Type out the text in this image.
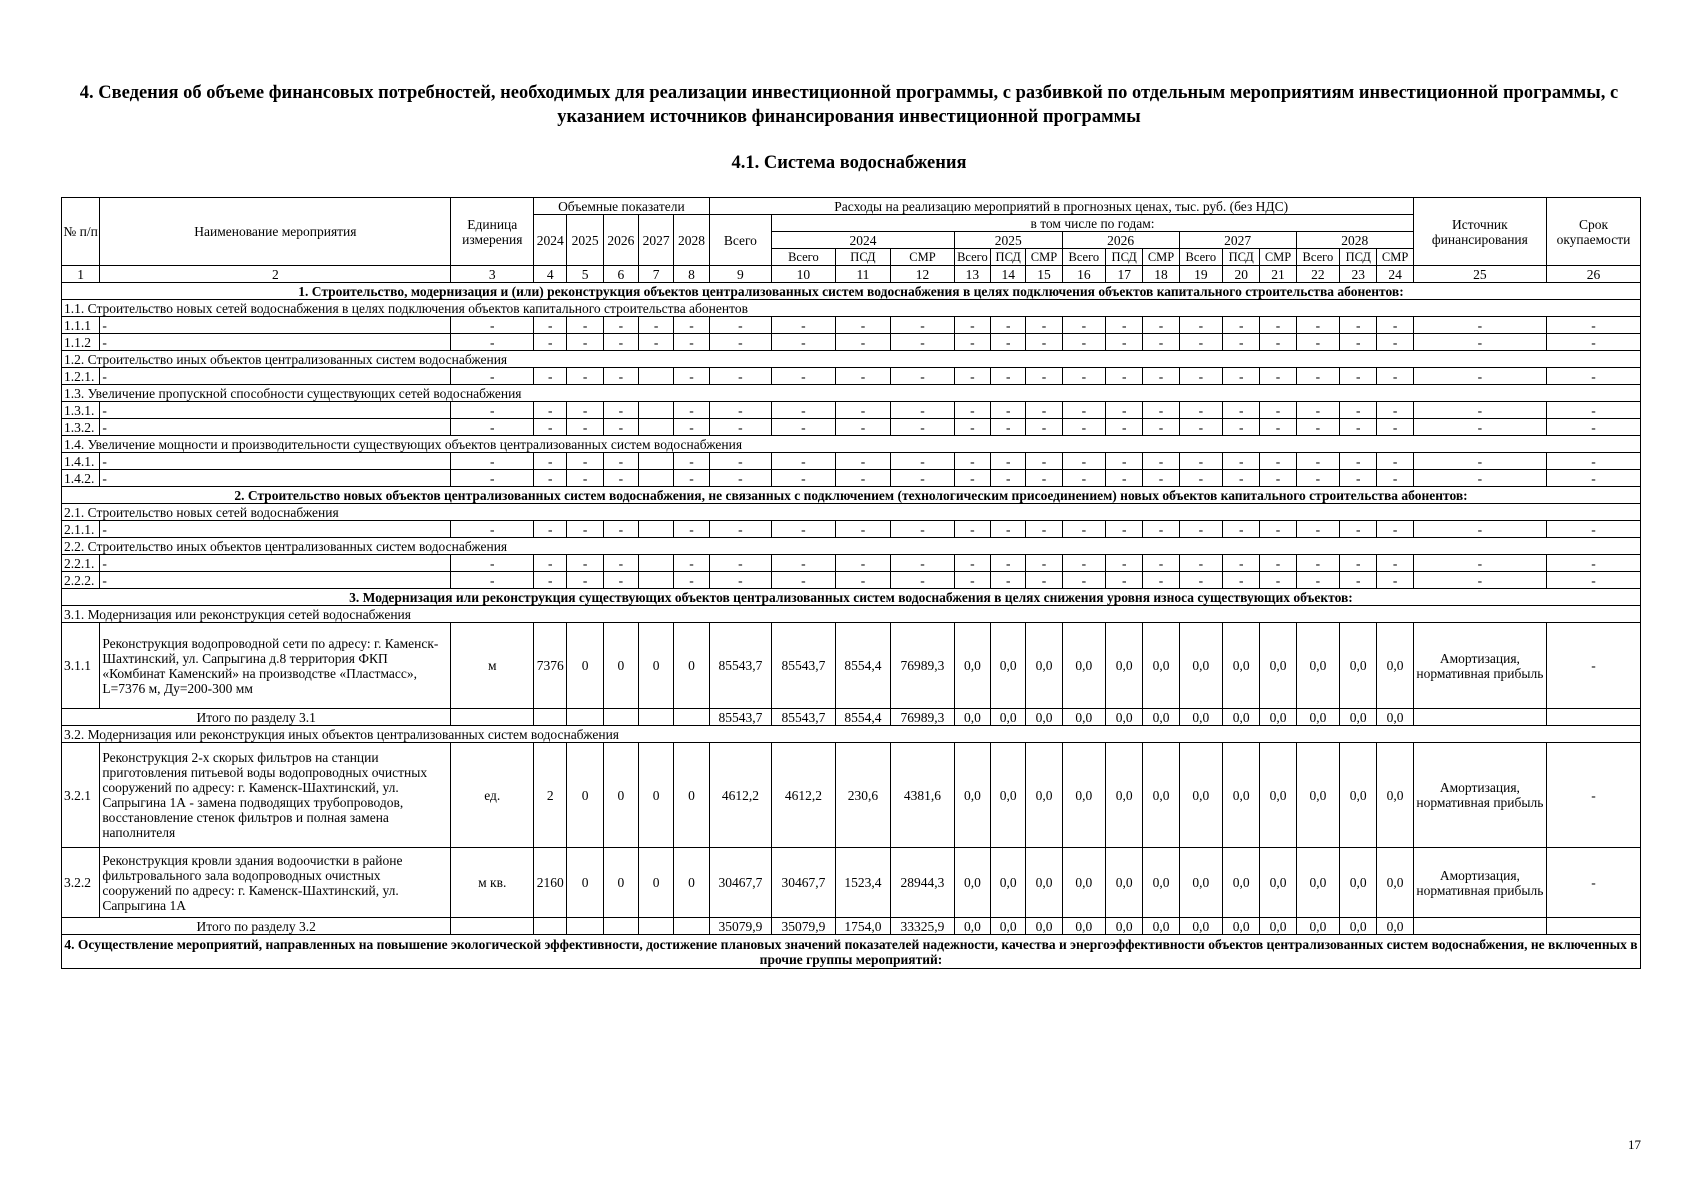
4. Сведения об объеме финансовых потребностей, необходимых для реализации инвестиционной программы, с разбивкой по отдельным мероприятиям инвестиционной программы, с указанием источников финансирования инвестиционной программы
4.1. Система водоснабжения
№ п/п	Наименование мероприятия	Единица измерения	Объемные показатели					Расходы на реализацию мероприятий в прогнозных ценах, тыс. руб. (без НДС)																Источник финансирования	Срок окупаемости
			2024	2025	2026	2027	2028	Всего	в том числе по годам:																
									2024			2025			2026			2027			2028				
									Всего	ПСД	СМР	Всего	ПСД	СМР	Всего	ПСД	СМР	Всего	ПСД	СМР	Всего	ПСД	СМР		
1	2	3	4	5	6	7	8	9	10	11	12	13	14	15	16	17	18	19	20	21	22	23	24	25	26
1. Строительство, модернизация и (или) реконструкция объектов централизованных систем водоснабжения в целях подключения объектов капитального строительства абонентов:																									
1.1. Строительство новых сетей водоснабжения в целях подключения объектов капитального строительства абонентов																									
1.1.1	-	-	-	-	-	-	-	-	-	-	-	-	-	-	-	-	-	-	-	-	-	-	-	-	-
1.1.2	-	-	-	-	-	-	-	-	-	-	-	-	-	-	-	-	-	-	-	-	-	-	-	-	-
1.2. Строительство иных объектов централизованных систем водоснабжения																									
1.2.1.	-	-	-	-	-		-	-	-	-	-	-	-	-	-	-	-	-	-	-	-	-	-	-	-
1.3. Увеличение пропускной способности существующих сетей водоснабжения																									
1.3.1.	-	-	-	-	-		-	-	-	-	-	-	-	-	-	-	-	-	-	-	-	-	-	-	-
1.3.2.	-	-	-	-	-		-	-	-	-	-	-	-	-	-	-	-	-	-	-	-	-	-	-	-
1.4. Увеличение мощности и производительности существующих объектов централизованных систем водоснабжения																									
1.4.1.	-	-	-	-	-		-	-	-	-	-	-	-	-	-	-	-	-	-	-	-	-	-	-	-
1.4.2.	-	-	-	-	-		-	-	-	-	-	-	-	-	-	-	-	-	-	-	-	-	-	-	-
2. Строительство новых объектов централизованных систем водоснабжения, не связанных с подключением (технологическим присоединением) новых объектов капитального строительства абонентов:																									
2.1. Строительство новых сетей водоснабжения																									
2.1.1.	-	-	-	-	-		-	-	-	-	-	-	-	-	-	-	-	-	-	-	-	-	-	-	-
2.2. Строительство иных объектов централизованных систем водоснабжения																									
2.2.1.	-	-	-	-	-		-	-	-	-	-	-	-	-	-	-	-	-	-	-	-	-	-	-	-
2.2.2.	-	-	-	-	-		-	-	-	-	-	-	-	-	-	-	-	-	-	-	-	-	-	-	-
3. Модернизация или реконструкция существующих объектов централизованных систем водоснабжения в целях снижения уровня износа существующих объектов:																									
3.1. Модернизация или реконструкция сетей водоснабжения																									
3.1.1	Реконструкция водопроводной сети по адресу: г. Каменск-Шахтинский, ул. Сапрыгина д.8 территория ФКП «Комбинат Каменский» на производстве «Пластмасс», L=7376 м, Ду=200-300 мм	м	7376	0	0	0	0	85543,7	85543,7	8554,4	76989,3	0,0	0,0	0,0	0,0	0,0	0,0	0,0	0,0	0,0	0,0	0,0	0,0	Амортизация, нормативная прибыль	-
Итого по разделу 3.1								85543,7	85543,7	8554,4	76989,3	0,0	0,0	0,0	0,0	0,0	0,0	0,0	0,0	0,0	0,0	0,0	0,0		
3.2. Модернизация или реконструкция иных объектов централизованных систем водоснабжения																									
3.2.1	Реконструкция 2-х скорых фильтров на станции приготовления питьевой воды водопроводных очистных сооружений по адресу: г. Каменск-Шахтинский, ул. Сапрыгина 1А - замена подводящих трубопроводов, восстановление стенок фильтров и полная замена наполнителя	ед.	2	0	0	0	0	4612,2	4612,2	230,6	4381,6	0,0	0,0	0,0	0,0	0,0	0,0	0,0	0,0	0,0	0,0	0,0	0,0	Амортизация, нормативная прибыль	-
3.2.2	Реконструкция кровли здания водоочистки в районе фильтровального зала водопроводных очистных сооружений по адресу: г. Каменск-Шахтинский, ул. Сапрыгина 1А	м кв.	2160	0	0	0	0	30467,7	30467,7	1523,4	28944,3	0,0	0,0	0,0	0,0	0,0	0,0	0,0	0,0	0,0	0,0	0,0	0,0	Амортизация, нормативная прибыль	-
Итого по разделу 3.2								35079,9	35079,9	1754,0	33325,9	0,0	0,0	0,0	0,0	0,0	0,0	0,0	0,0	0,0	0,0	0,0	0,0		
4. Осуществление мероприятий, направленных на повышение экологической эффективности, достижение плановых значений показателей надежности, качества и энергоэффективности объектов централизованных систем водоснабжения, не включенных в прочие группы мероприятий:																									
17
